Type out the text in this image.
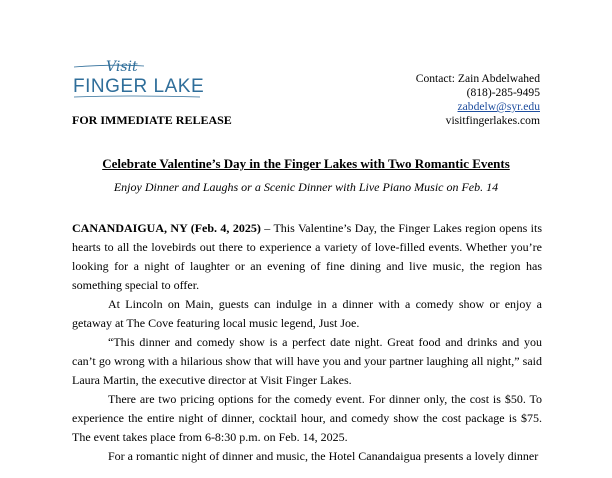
Visit
FINGER LAKES	Contact: Zain Abdelwahed
(818)-285-9495
zabdelw@syr.edu
visitfingerlakes.com
FOR IMMEDIATE RELEASE
Celebrate Valentine’s Day in the Finger Lakes with Two Romantic Events
Enjoy Dinner and Laughs or a Scenic Dinner with Live Piano Music on Feb. 14

CANANDAIGUA, NY (Feb. 4, 2025) – This Valentine’s Day, the Finger Lakes region opens its hearts to all the lovebirds out there to experience a variety of love-filled events. Whether you’re looking for a night of laughter or an evening of fine dining and live music, the region has something special to offer.

At Lincoln on Main, guests can indulge in a dinner with a comedy show or enjoy a getaway at The Cove featuring local music legend, Just Joe.

“This dinner and comedy show is a perfect date night. Great food and drinks and you can’t go wrong with a hilarious show that will have you and your partner laughing all night,” said Laura Martin, the executive director at Visit Finger Lakes.

There are two pricing options for the comedy event. For dinner only, the cost is $50. To experience the entire night of dinner, cocktail hour, and comedy show the cost package is $75. The event takes place from 6-8:30 p.m. on Feb. 14, 2025.

For a romantic night of dinner and music, the Hotel Canandaigua presents a lovely dinner
